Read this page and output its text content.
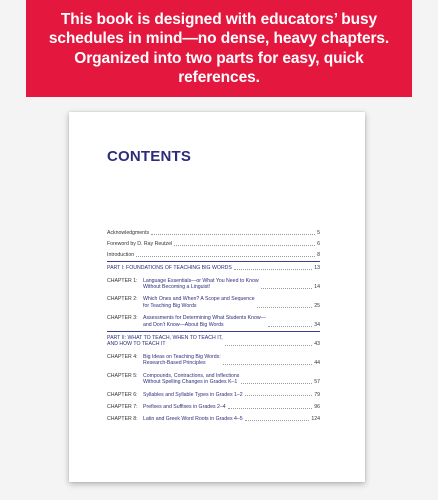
This book is designed with educators’ busy schedules in mind—no dense, heavy chapters. Organized into two parts for easy, quick references.
CONTENTS
Acknowledgments	5
Foreword by D. Ray Reutzel	6
Introduction	8
PART I: FOUNDATIONS OF TEACHING BIG WORDS	13
CHAPTER 1:	Language Essentials—or What You Need to Know
Without Becoming a Linguist!	14
CHAPTER 2:	Which Ones and When? A Scope and Sequence
for Teaching Big Words	25
CHAPTER 3:	Assessments for Determining What Students Know—
and Don’t Know—About Big Words	34
PART II: WHAT TO TEACH, WHEN TO TEACH IT,
AND HOW TO TEACH IT	43
CHAPTER 4:	Big Ideas on Teaching Big Words:
Research-Based Principles	44
CHAPTER 5:	Compounds, Contractions, and Inflections
Without Spelling Changes in Grades K–1	57
CHAPTER 6:	Syllables and Syllable Types in Grades 1–2	79
CHAPTER 7:	Prefixes and Suffixes in Grades 2–4	96
CHAPTER 8:	Latin and Greek Word Roots in Grades 4–5	124
